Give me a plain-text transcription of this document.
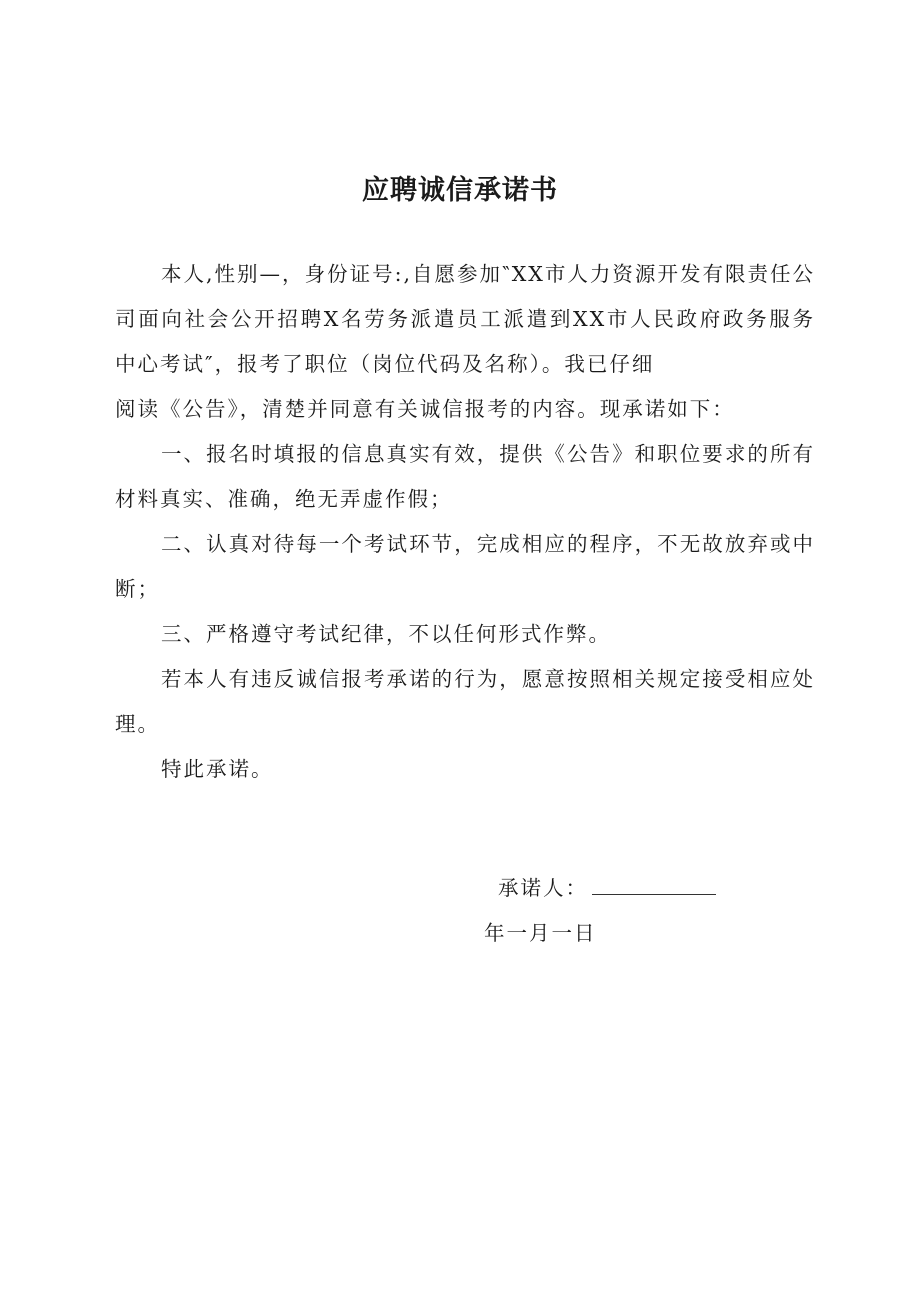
应聘诚信承诺书

本人,性别—，身份证号:,自愿参加‶XX市人力资源开发有限责任公司面向社会公开招聘X名劳务派遣员工派遣到XX市人民政府政务服务中心考试″，报考了职位（岗位代码及名称）。我已仔细

阅读《公告》，清楚并同意有关诚信报考的内容。现承诺如下：

一、报名时填报的信息真实有效，提供《公告》和职位要求的所有材料真实、准确，绝无弄虚作假；

二、认真对待每一个考试环节，完成相应的程序，不无故放弃或中断；

三、严格遵守考试纪律，不以任何形式作弊。

若本人有违反诚信报考承诺的行为，愿意按照相关规定接受相应处理。

特此承诺。

承诺人：
年一月一日
